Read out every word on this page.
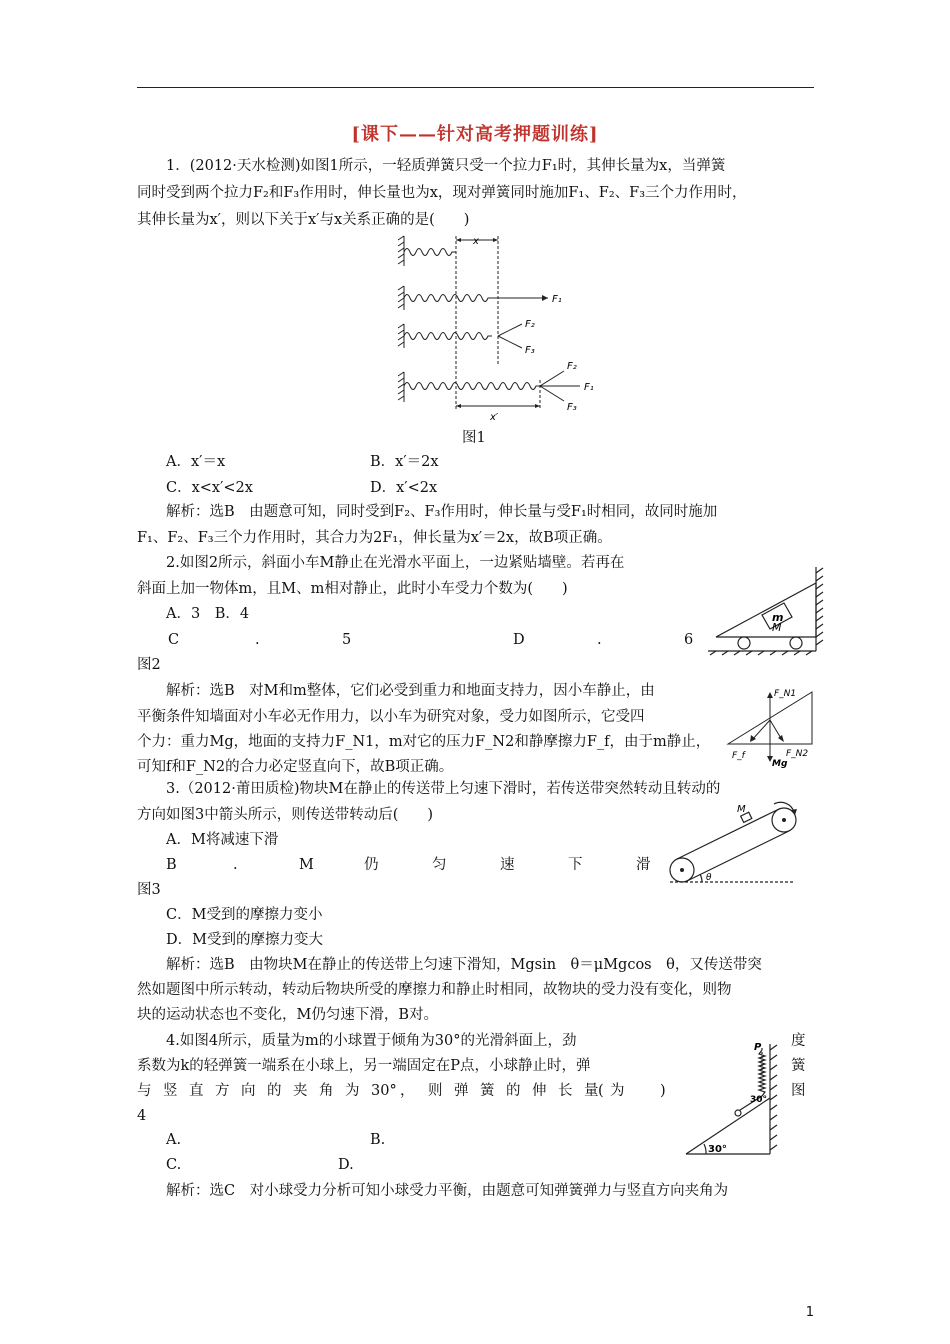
[课下——针对高考押题训练]
1．(2012·天水检测)如图1所示，一轻质弹簧只受一个拉力F₁时，其伸长量为x，当弹簧
同时受到两个拉力F₂和F₃作用时，伸长量也为x，现对弹簧同时施加F₁、F₂、F₃三个力作用时，
其伸长量为x′，则以下关于x′与x关系正确的是(　　)
x
x′
F₁
F₂
F₃
F₂
F₁
F₃
图1
A．x′＝x	B．x′＝2x
C．x<x′<2x	D．x′<2x
解析：选B　由题意可知，同时受到F₂、F₃作用时，伸长量与受F₁时相同，故同时施加
F₁、F₂、F₃三个力作用时，其合力为2F₁，伸长量为x′＝2x，故B项正确。
2.如图2所示，斜面小车M静止在光滑水平面上，一边紧贴墙壁。若再在
斜面上加一物体m，且M、m相对静止，此时小车受力个数为(　　)
A．3　B．4
C	.	5	D	.	6
图2
m
M
解析：选B　对M和m整体，它们必受到重力和地面支持力，因小车静止，由
平衡条件知墙面对小车必无作用力，以小车为研究对象，受力如图所示，它受四
个力：重力Mg，地面的支持力F_N1，m对它的压力F_N2和静摩擦力F_f，由于m静止，
可知f和F_N2的合力必定竖直向下，故B项正确。
F_N1
F_f
Mg
F_N2
3.（2012·莆田质检)物块M在静止的传送带上匀速下滑时，若传送带突然转动且转动的
方向如图3中箭头所示，则传送带转动后(　　)
A．M将减速下滑
B	.	M	仍	匀	速	下	滑
图3
C．M受到的摩擦力变小
D．M受到的摩擦力变大
M
θ
解析：选B　由物块M在静止的传送带上匀速下滑知，Mgsin　θ＝μMgcos　θ，又传送带突
然如题图中所示转动，转动后物块所受的摩擦力和静止时相同，故物块的受力没有变化，则物
块的运动状态也不变化，M仍匀速下滑，B对。
4.如图4所示，质量为m的小球置于倾角为30°的光滑斜面上，劲	度
系数为k的轻弹簧一端系在小球上，另一端固定在P点，小球静止时，弹	簧
与 竖 直 方 向 的 夹 角 为 30° ， 则 弹 簧 的 伸 长 量 为
(	)	图
4
P
30°
30°
A.	B.
C.	D.
解析：选C　对小球受力分析可知小球受力平衡，由题意可知弹簧弹力与竖直方向夹角为
1
